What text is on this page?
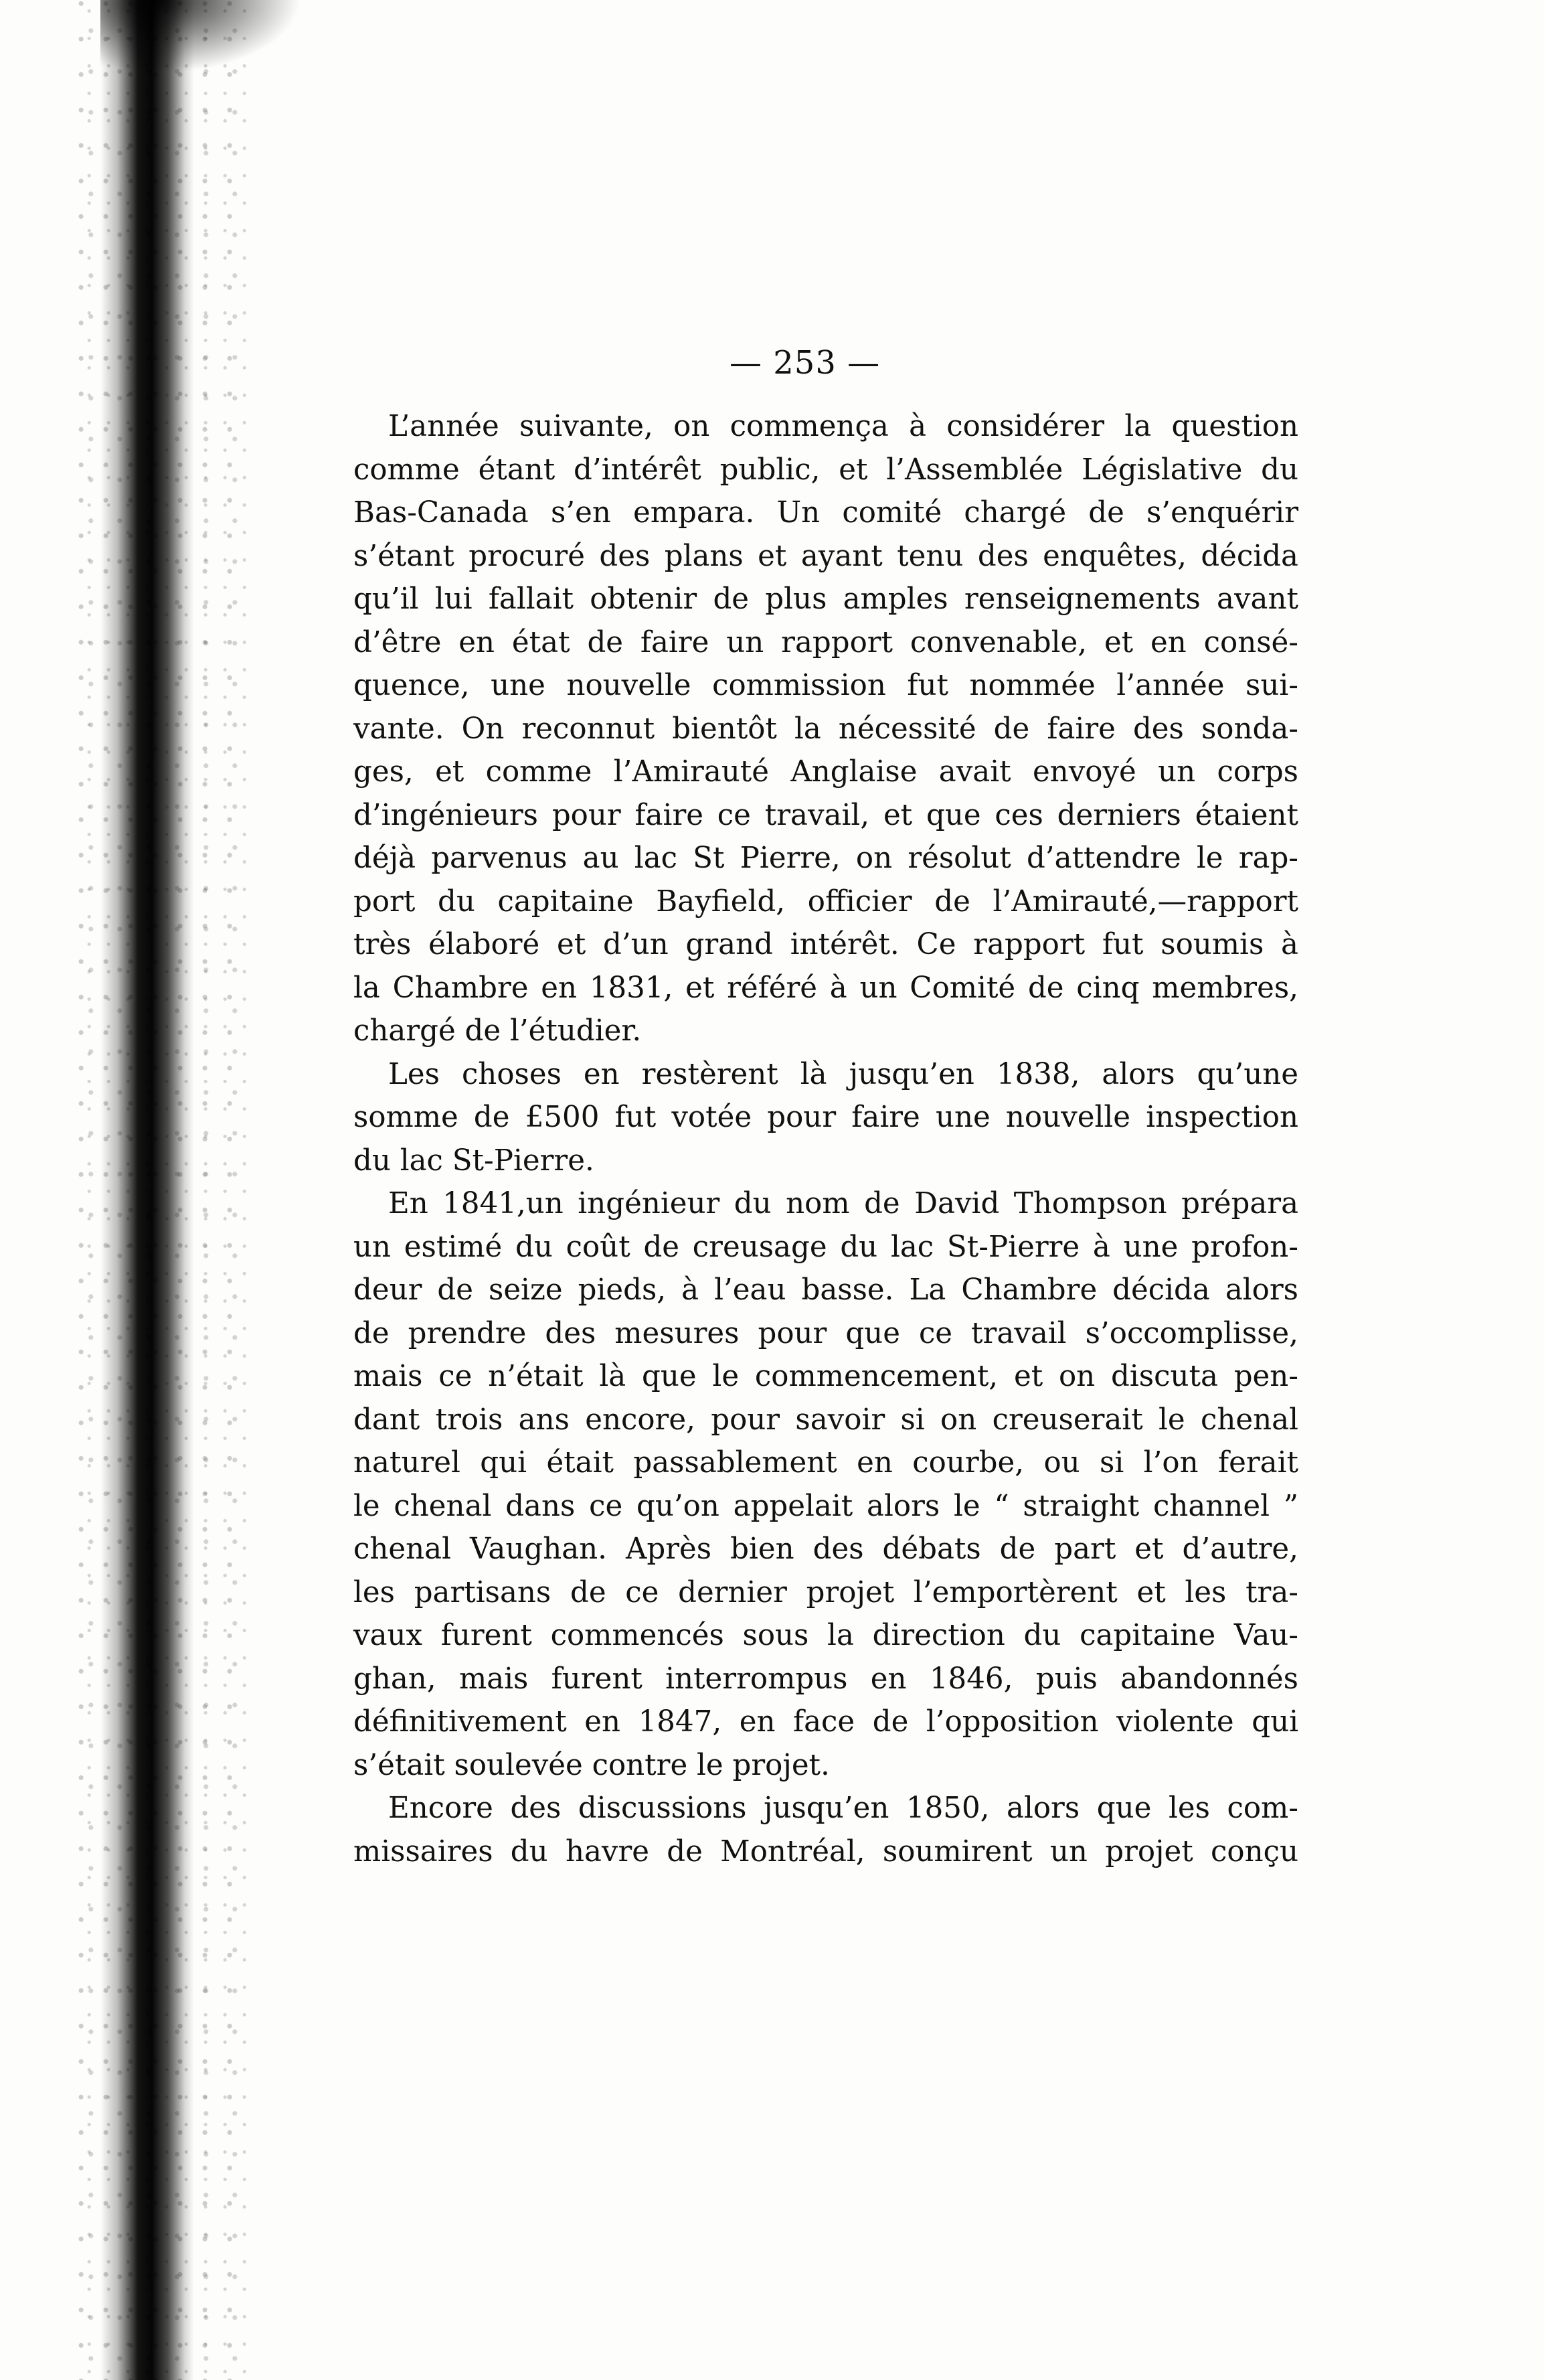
— 253 —
L’année suivante, on commença à considérer la question
comme étant d’intérêt public, et l’Assemblée Législative du
Bas-Canada s’en empara. Un comité chargé de s’enquérir
s’étant procuré des plans et ayant tenu des enquêtes, décida
qu’il lui fallait obtenir de plus amples renseignements avant
d’être en état de faire un rapport convenable, et en consé-
quence, une nouvelle commission fut nommée l’année sui-
vante. On reconnut bientôt la nécessité de faire des sonda-
ges, et comme l’Amirauté Anglaise avait envoyé un corps
d’ingénieurs pour faire ce travail, et que ces derniers étaient
déjà parvenus au lac St Pierre, on résolut d’attendre le rap-
port du capitaine Bayfield, officier de l’Amirauté,—rapport
très élaboré et d’un grand intérêt. Ce rapport fut soumis à
la Chambre en 1831, et référé à un Comité de cinq membres,
chargé de l’étudier.
Les choses en restèrent là jusqu’en 1838, alors qu’une
somme de £500 fut votée pour faire une nouvelle inspection
du lac St-Pierre.
En 1841,un ingénieur du nom de David Thompson prépara
un estimé du coût de creusage du lac St-Pierre à une profon-
deur de seize pieds, à l’eau basse. La Chambre décida alors
de prendre des mesures pour que ce travail s’occomplisse,
mais ce n’était là que le commencement, et on discuta pen-
dant trois ans encore, pour savoir si on creuserait le chenal
naturel qui était passablement en courbe, ou si l’on ferait
le chenal dans ce qu’on appelait alors le “ straight channel ”
chenal Vaughan. Après bien des débats de part et d’autre,
les partisans de ce dernier projet l’emportèrent et les tra-
vaux furent commencés sous la direction du capitaine Vau-
ghan, mais furent interrompus en 1846, puis abandonnés
définitivement en 1847, en face de l’opposition violente qui
s’était soulevée contre le projet.
Encore des discussions jusqu’en 1850, alors que les com-
missaires du havre de Montréal, soumirent un projet conçu
